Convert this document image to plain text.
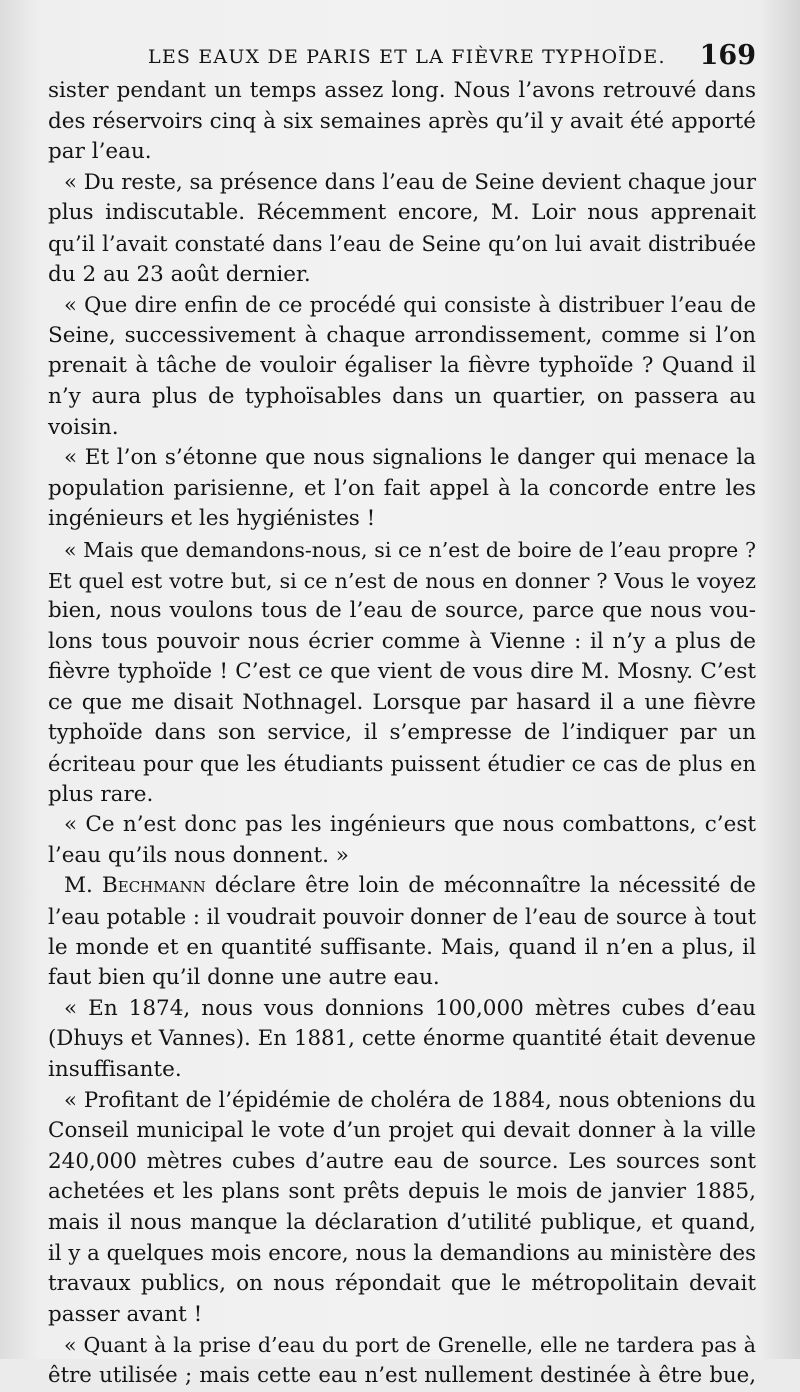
LES EAUX DE PARIS ET LA FIÈVRE TYPHOÏDE. 169
sister pendant un temps assez long. Nous l’avons retrouvé dans
des réservoirs cinq à six semaines après qu’il y avait été apporté
par l’eau.
« Du reste, sa présence dans l’eau de Seine devient chaque jour
plus indiscutable. Récemment encore, M. Loir nous apprenait
qu’il l’avait constaté dans l’eau de Seine qu’on lui avait distribuée
du 2 au 23 août dernier.
« Que dire enfin de ce procédé qui consiste à distribuer l’eau de
Seine, successivement à chaque arrondissement, comme si l’on
prenait à tâche de vouloir égaliser la fièvre typhoïde ? Quand il
n’y aura plus de typhoïsables dans un quartier, on passera au
voisin.
« Et l’on s’étonne que nous signalions le danger qui menace la
population parisienne, et l’on fait appel à la concorde entre les
ingénieurs et les hygiénistes !
« Mais que demandons-nous, si ce n’est de boire de l’eau propre ?
Et quel est votre but, si ce n’est de nous en donner ? Vous le voyez
bien, nous voulons tous de l’eau de source, parce que nous vou-
lons tous pouvoir nous écrier comme à Vienne : il n’y a plus de
fièvre typhoïde ! C’est ce que vient de vous dire M. Mosny. C’est
ce que me disait Nothnagel. Lorsque par hasard il a une fièvre
typhoïde dans son service, il s’empresse de l’indiquer par un
écriteau pour que les étudiants puissent étudier ce cas de plus en
plus rare.
« Ce n’est donc pas les ingénieurs que nous combattons, c’est
l’eau qu’ils nous donnent. »
M. Bechmann déclare être loin de méconnaître la nécessité de
l’eau potable : il voudrait pouvoir donner de l’eau de source à tout
le monde et en quantité suffisante. Mais, quand il n’en a plus, il
faut bien qu’il donne une autre eau.
« En 1874, nous vous donnions 100,000 mètres cubes d’eau
(Dhuys et Vannes). En 1881, cette énorme quantité était devenue
insuffisante.
« Profitant de l’épidémie de choléra de 1884, nous obtenions du
Conseil municipal le vote d’un projet qui devait donner à la ville
240,000 mètres cubes d’autre eau de source. Les sources sont
achetées et les plans sont prêts depuis le mois de janvier 1885,
mais il nous manque la déclaration d’utilité publique, et quand,
il y a quelques mois encore, nous la demandions au ministère des
travaux publics, on nous répondait que le métropolitain devait
passer avant !
« Quant à la prise d’eau du port de Grenelle, elle ne tardera pas à
être utilisée ; mais cette eau n’est nullement destinée à être bue,
